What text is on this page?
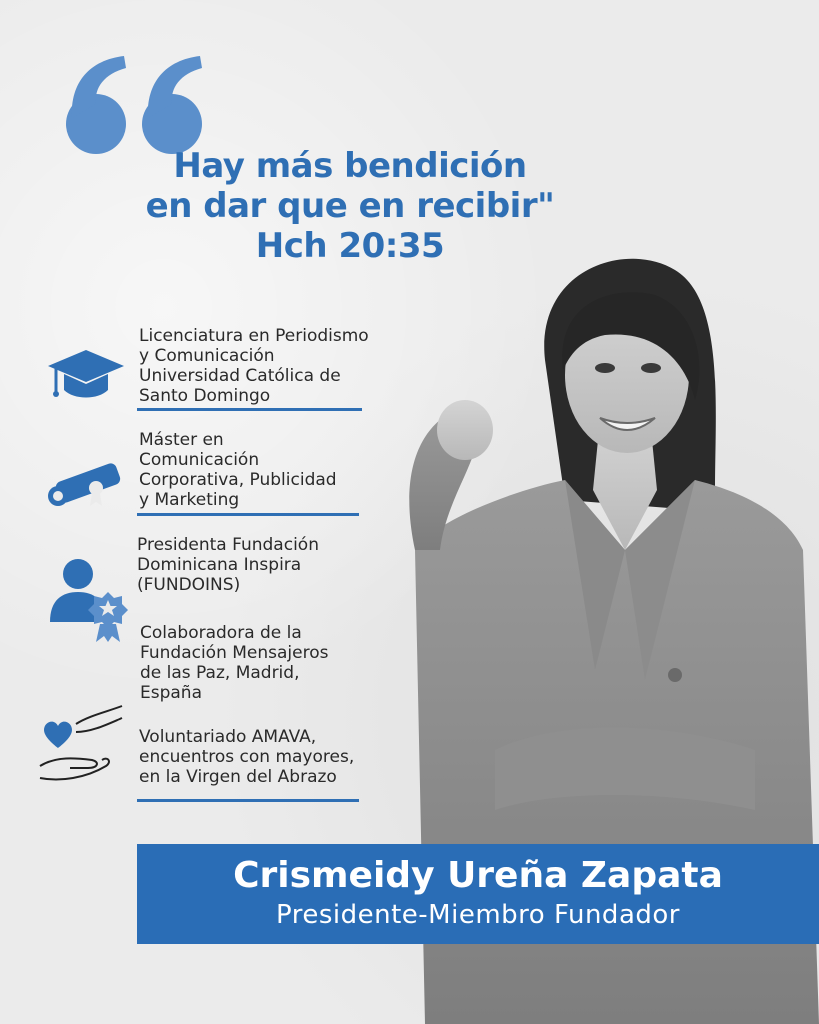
Hay más bendición
en dar que en recibir"
Hch 20:35
Licenciatura en Periodismo
y Comunicación
Universidad Católica de
Santo Domingo
Máster en
Comunicación
Corporativa, Publicidad
y Marketing
Presidenta Fundación
Dominicana Inspira
(FUNDOINS)
Colaboradora de la
Fundación Mensajeros
de las Paz, Madrid,
España
Voluntariado AMAVA,
encuentros con mayores,
en la Virgen del Abrazo
Crismeidy Ureña Zapata
Presidente-Miembro Fundador
